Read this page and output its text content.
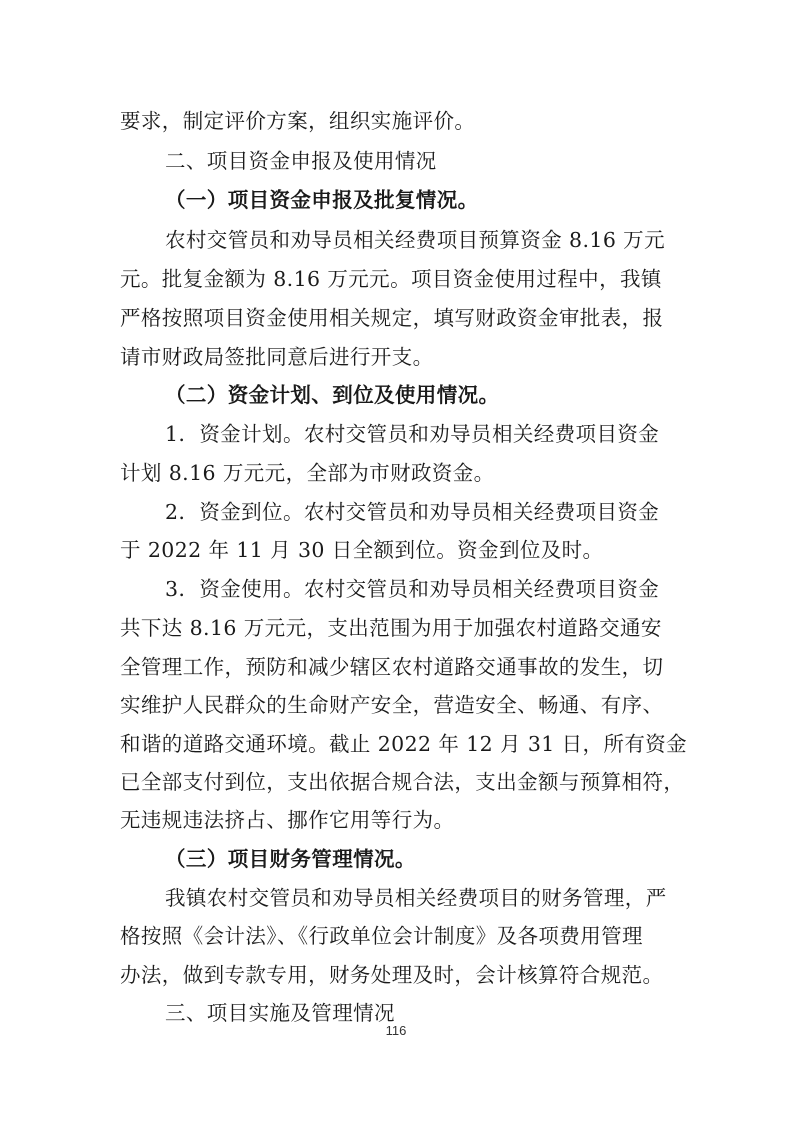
要求，制定评价方案，组织实施评价。
二、项目资金申报及使用情况
（一）项目资金申报及批复情况。
农村交管员和劝导员相关经费项目预算资金 8.16 万元
元。批复金额为 8.16 万元元。项目资金使用过程中，我镇
严格按照项目资金使用相关规定，填写财政资金审批表，报
请市财政局签批同意后进行开支。
（二）资金计划、到位及使用情况。
1．资金计划。农村交管员和劝导员相关经费项目资金
计划 8.16 万元元，全部为市财政资金。
2．资金到位。农村交管员和劝导员相关经费项目资金
于 2022 年 11 月 30 日全额到位。资金到位及时。
3．资金使用。农村交管员和劝导员相关经费项目资金
共下达 8.16 万元元，支出范围为用于加强农村道路交通安
全管理工作，预防和减少辖区农村道路交通事故的发生，切
实维护人民群众的生命财产安全，营造安全、畅通、有序、
和谐的道路交通环境。截止 2022 年 12 月 31 日，所有资金
已全部支付到位，支出依据合规合法，支出金额与预算相符，
无违规违法挤占、挪作它用等行为。
（三）项目财务管理情况。
我镇农村交管员和劝导员相关经费项目的财务管理，严
格按照《会计法》、《行政单位会计制度》及各项费用管理
办法，做到专款专用，财务处理及时，会计核算符合规范。
三、项目实施及管理情况
116
